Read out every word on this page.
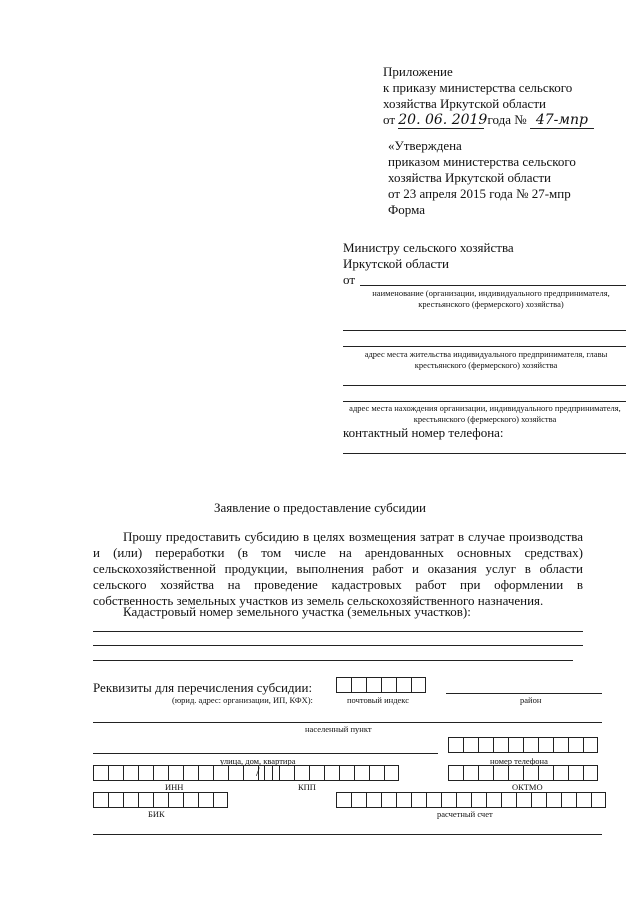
Приложение
к приказу министерства сельского
хозяйства Иркутской области
от 20. 06. 2019 года № 47-мпр
«Утверждена
приказом министерства сельского
хозяйства Иркутской области
от 23 апреля 2015 года № 27-мпр
Форма
Министру сельского хозяйства
Иркутской области
от
наименование (организации, индивидуального предпринимателя, крестьянского (фермерского) хозяйства)
адрес места жительства индивидуального предпринимателя, главы крестьянского (фермерского) хозяйства
адрес места нахождения организации, индивидуального предпринимателя, крестьянского (фермерского) хозяйства
контактный номер телефона:
Заявление о предоставление субсидии
Прошу предоставить субсидию в целях возмещения затрат в случае производства и (или) переработки (в том числе на арендованных основных средствах) сельскохозяйственной продукции, выполнения работ и оказания услуг в области сельского хозяйства на проведение кадастровых работ при оформлении в собственность земельных участков из земель сельскохозяйственного назначения.
Кадастровый номер земельного участка (земельных участков):
Реквизиты для перечисления субсидии:
(юрид. адрес: организации, ИП, КФХ):	почтовый индекс	район
населенный пункт
улица, дом, квартира	номер телефона
ИНН
/
КПП	ОКТМО
БИК	расчетный счет
